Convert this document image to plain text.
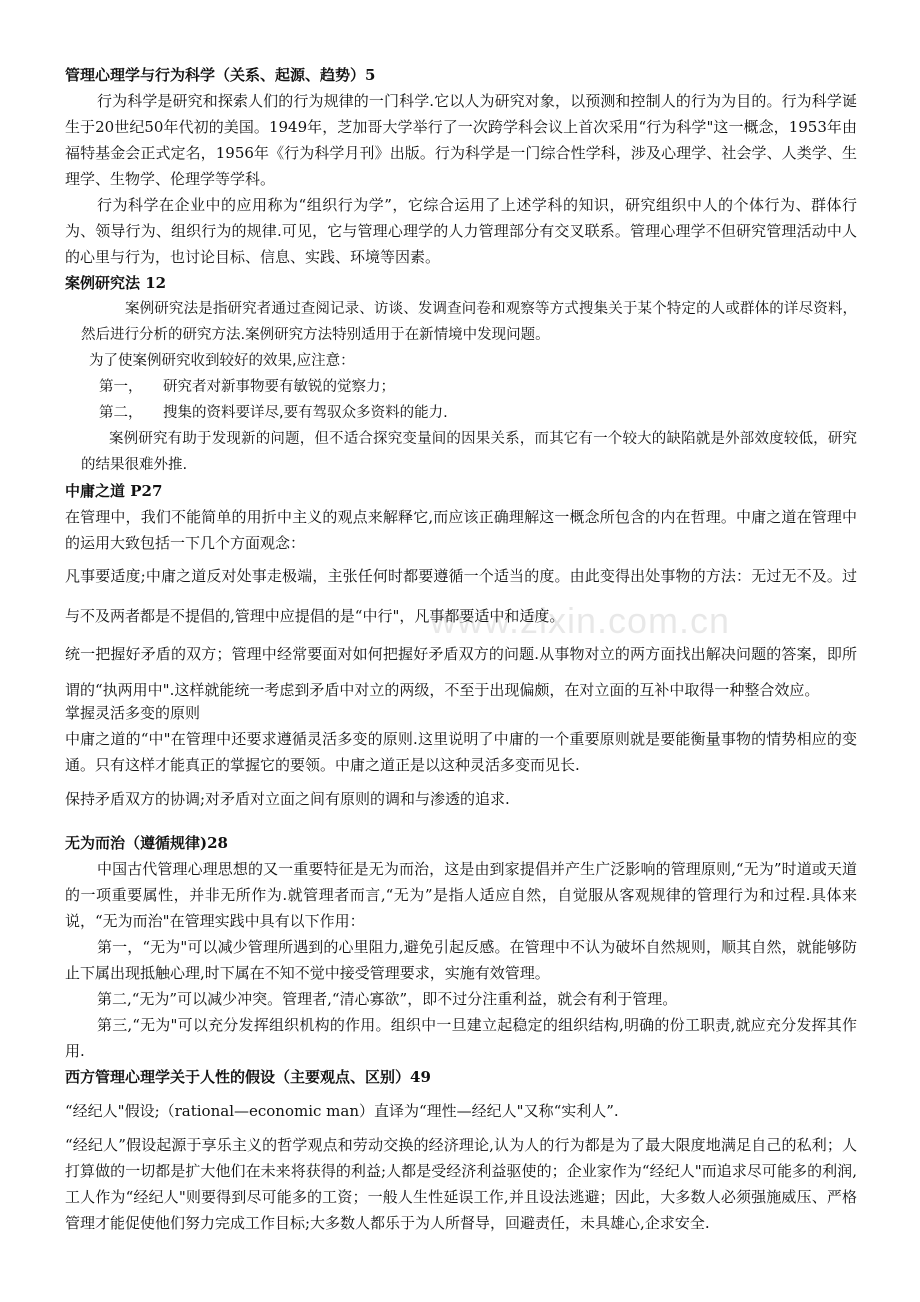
www.zixin.com.cn
管理心理学与行为科学（关系、起源、趋势）5
行为科学是研究和探索人们的行为规律的一门科学.它以人为研究对象，以预测和控制人的行为为目的。行为科学诞生于20世纪50年代初的美国。1949年，芝加哥大学举行了一次跨学科会议上首次采用“行为科学"这一概念，1953年由福特基金会正式定名，1956年《行为科学月刊》出版。行为科学是一门综合性学科，涉及心理学、社会学、人类学、生理学、生物学、伦理学等学科。
行为科学在企业中的应用称为“组织行为学”，它综合运用了上述学科的知识，研究组织中人的个体行为、群体行为、领导行为、组织行为的规律.可见，它与管理心理学的人力管理部分有交叉联系。管理心理学不但研究管理活动中人的心里与行为，也讨论目标、信息、实践、环境等因素。
案例研究法 12
案例研究法是指研究者通过查阅记录、访谈、发调查问卷和观察等方式搜集关于某个特定的人或群体的详尽资料，然后进行分析的研究方法.案例研究方法特别适用于在新情境中发现问题。
为了使案例研究收到较好的效果,应注意：
第一， 研究者对新事物要有敏锐的觉察力；
第二， 搜集的资料要详尽,要有驾驭众多资料的能力.
案例研究有助于发现新的问题，但不适合探究变量间的因果关系，而其它有一个较大的缺陷就是外部效度较低，研究的结果很难外推.
中庸之道 P27
在管理中，我们不能简单的用折中主义的观点来解释它,而应该正确理解这一概念所包含的内在哲理。中庸之道在管理中的运用大致包括一下几个方面观念：
凡事要适度;中庸之道反对处事走极端，主张任何时都要遵循一个适当的度。由此变得出处事物的方法：无过无不及。过与不及两者都是不提倡的,管理中应提倡的是“中行"，凡事都要适中和适度。
统一把握好矛盾的双方；管理中经常要面对如何把握好矛盾双方的问题.从事物对立的两方面找出解决问题的答案，即所谓的“执两用中".这样就能统一考虑到矛盾中对立的两级，不至于出现偏颇，在对立面的互补中取得一种整合效应。
掌握灵活多变的原则
中庸之道的“中"在管理中还要求遵循灵活多变的原则.这里说明了中庸的一个重要原则就是要能衡量事物的情势相应的变通。只有这样才能真正的掌握它的要领。中庸之道正是以这种灵活多变而见长.
保持矛盾双方的协调;对矛盾对立面之间有原则的调和与渗透的追求.
无为而治（遵循规律)28
中国古代管理心理思想的又一重要特征是无为而治，这是由到家提倡并产生广泛影响的管理原则,“无为”时道或天道的一项重要属性，并非无所作为.就管理者而言,“无为”是指人适应自然，自觉服从客观规律的管理行为和过程.具体来说，“无为而治"在管理实践中具有以下作用：
第一，“无为"可以减少管理所遇到的心里阻力,避免引起反感。在管理中不认为破坏自然规则，顺其自然，就能够防止下属出现抵触心理,时下属在不知不觉中接受管理要求，实施有效管理。
第二,“无为”可以减少冲突。管理者,“清心寡欲”，即不过分注重利益，就会有利于管理。
第三,“无为"可以充分发挥组织机构的作用。组织中一旦建立起稳定的组织结构,明确的份工职责,就应充分发挥其作用.
西方管理心理学关于人性的假设（主要观点、区别）49
“经纪人"假设;（rational—economic man）直译为“理性—经纪人"又称“实利人”.
“经纪人”假设起源于享乐主义的哲学观点和劳动交换的经济理论,认为人的行为都是为了最大限度地满足自己的私利；人打算做的一切都是扩大他们在未来将获得的利益;人都是受经济利益驱使的；企业家作为“经纪人"而追求尽可能多的利润,工人作为“经纪人"则要得到尽可能多的工资；一般人生性延误工作,并且设法逃避；因此，大多数人必须强施威压、严格管理才能促使他们努力完成工作目标;大多数人都乐于为人所督导，回避责任，未具雄心,企求安全.
